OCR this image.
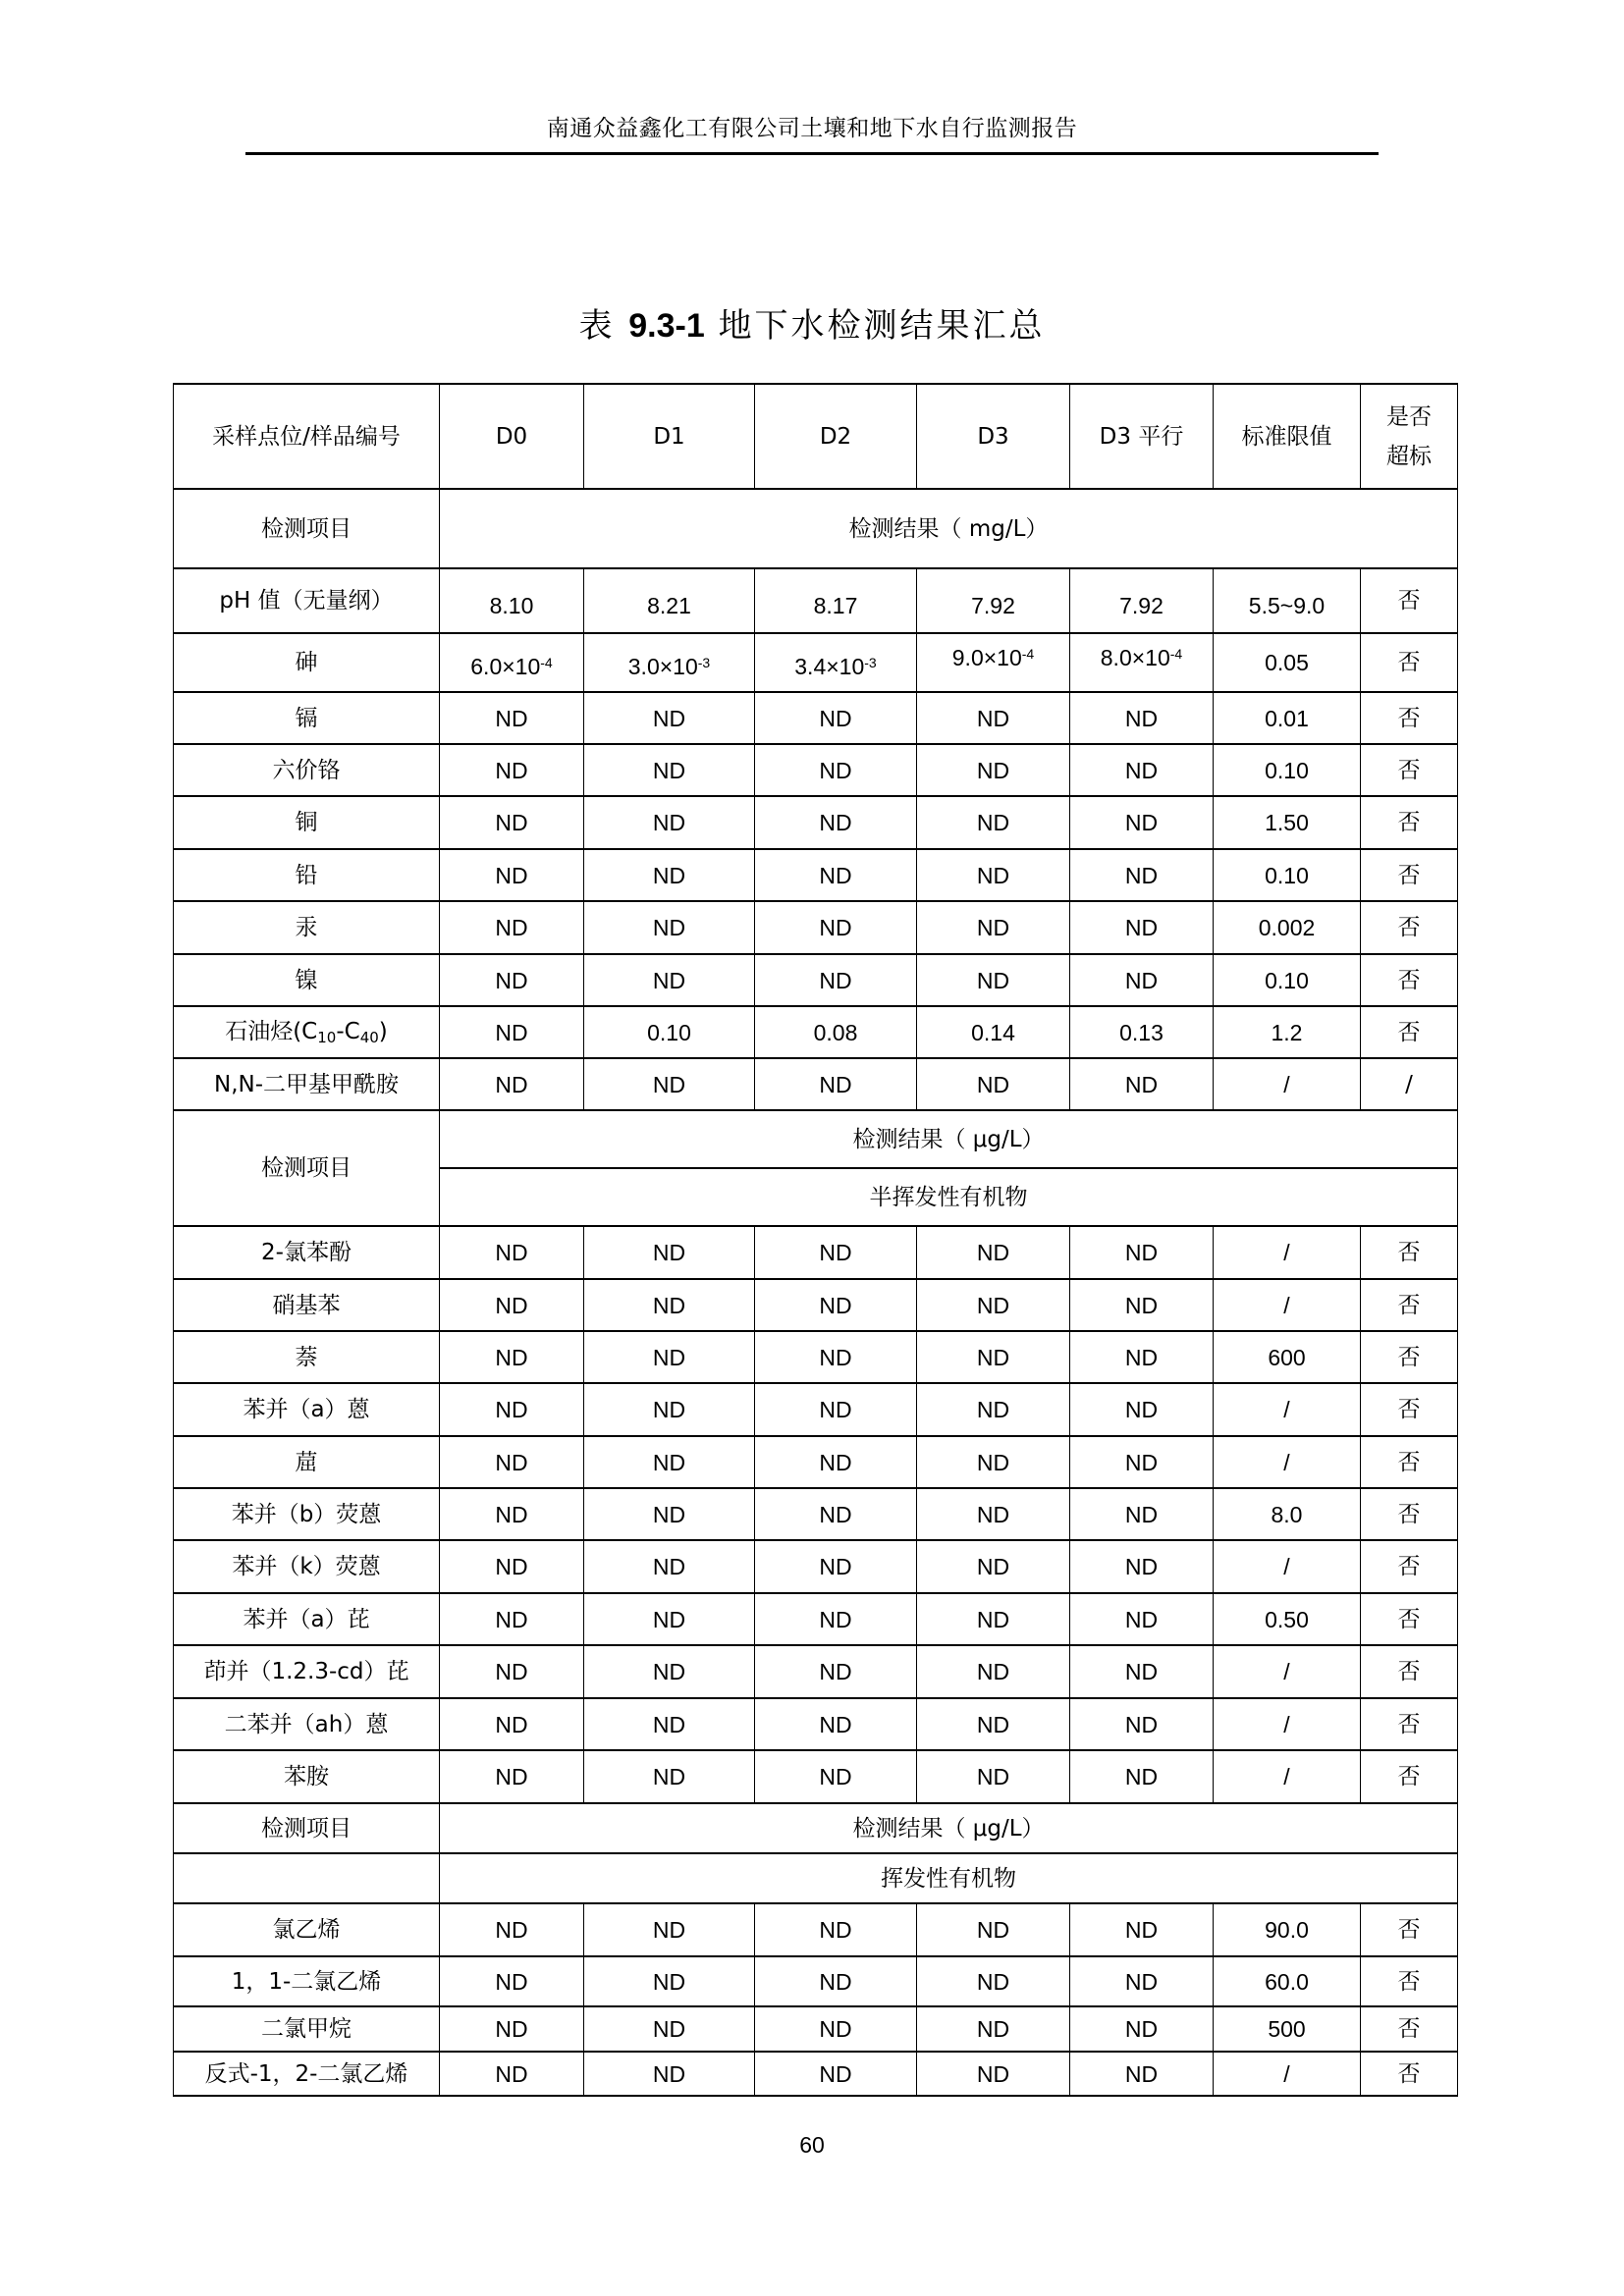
南通众益鑫化工有限公司土壤和地下水自行监测报告
表 9.3-1 地下水检测结果汇总
采样点位/样品编号	D0	D1	D2	D3	D3 平行	标准限值	是否
超标
检测项目	检测结果（ mg/L）						
pH 值（无量纲）	8.10	8.21	8.17	7.92	7.92	5.5~9.0	否
砷	$6.0\times 10^{-4}$	$3.0\times 10^{-3}$	$3.4\times 10^{-3}$	$9.0\times 10^{-4}$	$8.0\times 10^{-4}$	0.05	否
镉	ND	ND	ND	ND	ND	0.01	否
六价铬	ND	ND	ND	ND	ND	0.10	否
铜	ND	ND	ND	ND	ND	1.50	否
铅	ND	ND	ND	ND	ND	0.10	否
汞	ND	ND	ND	ND	ND	0.002	否
镍	ND	ND	ND	ND	ND	0.10	否
石油烃$(C_{10}-C_{40})$	ND	0.10	0.08	0.14	0.13	1.2	否
N,N-二甲基甲酰胺	ND	ND	ND	ND	ND	/	/
检测项目	检测结果（ μg/L）						
	半挥发性有机物						
2-氯苯酚	ND	ND	ND	ND	ND	/	否
硝基苯	ND	ND	ND	ND	ND	/	否
萘	ND	ND	ND	ND	ND	600	否
苯并（a）蒽	ND	ND	ND	ND	ND	/	否
䓛	ND	ND	ND	ND	ND	/	否
苯并（b）荧蒽	ND	ND	ND	ND	ND	8.0	否
苯并（k）荧蒽	ND	ND	ND	ND	ND	/	否
苯并（a）芘	ND	ND	ND	ND	ND	0.50	否
茚并（1.2.3-cd）芘	ND	ND	ND	ND	ND	/	否
二苯并（ah）蒽	ND	ND	ND	ND	ND	/	否
苯胺	ND	ND	ND	ND	ND	/	否
检测项目	检测结果（ μg/L）						
	挥发性有机物						
氯乙烯	ND	ND	ND	ND	ND	90.0	否
1，1-二氯乙烯	ND	ND	ND	ND	ND	60.0	否
二氯甲烷	ND	ND	ND	ND	ND	500	否
反式-1，2-二氯乙烯	ND	ND	ND	ND	ND	/	否
60
